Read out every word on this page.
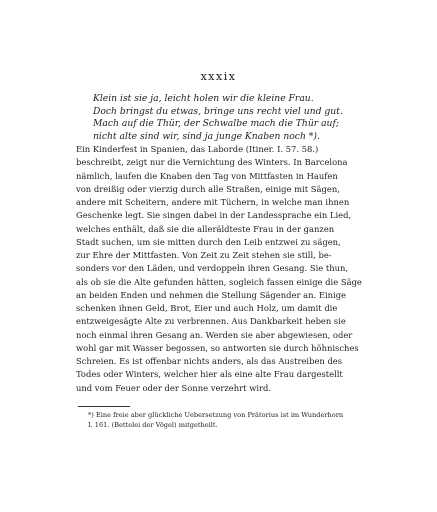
xxxix
Klein ist sie ja, leicht holen wir die kleine Frau.
Doch bringst du etwas, bringe uns recht viel und gut.
Mach auf die Thür, der Schwalbe mach die Thür auf;
nicht alte sind wir, sind ja junge Knaben noch *).
Ein Kinderfest in Spanien, das Laborde (Itiner. I. 57. 58.)
beschreibt, zeigt nur die Vernichtung des Winters. In Barcelona
nämlich, laufen die Knaben den Tag von Mittfasten in Haufen
von dreißig oder vierzig durch alle Straßen, einige mit Sägen,
andere mit Scheitern, andere mit Tüchern, in welche man ihnen
Geschenke legt. Sie singen dabei in der Landessprache ein Lied,
welches enthält, daß sie die alleräldteste Frau in der ganzen
Stadt suchen, um sie mitten durch den Leib entzwei zu sägen,
zur Ehre der Mittfasten. Von Zeit zu Zeit stehen sie still, be-
sonders vor den Läden, und verdoppeln ihren Gesang. Sie thun,
als ob sie die Alte gefunden hätten, sogleich fassen einige die Säge
an beiden Enden und nehmen die Stellung Sägender an. Einige
schenken ihnen Geld, Brot, Eier und auch Holz, um damit die
entzweigesägte Alte zu verbrennen. Aus Dankbarkeit heben sie
noch einmal ihren Gesang an. Werden sie aber abgewiesen, oder
wohl gar mit Wasser begossen, so antworten sie durch höhnisches
Schreien. Es ist offenbar nichts anders, als das Austreiben des
Todes oder Winters, welcher hier als eine alte Frau dargestellt
und vom Feuer oder der Sonne verzehrt wird.
*) Eine freie aber glückliche Uebersetzung von Prätorius ist im Wunderhorn
I. 161. (Bettelei der Vögel) mitgetheilt.
